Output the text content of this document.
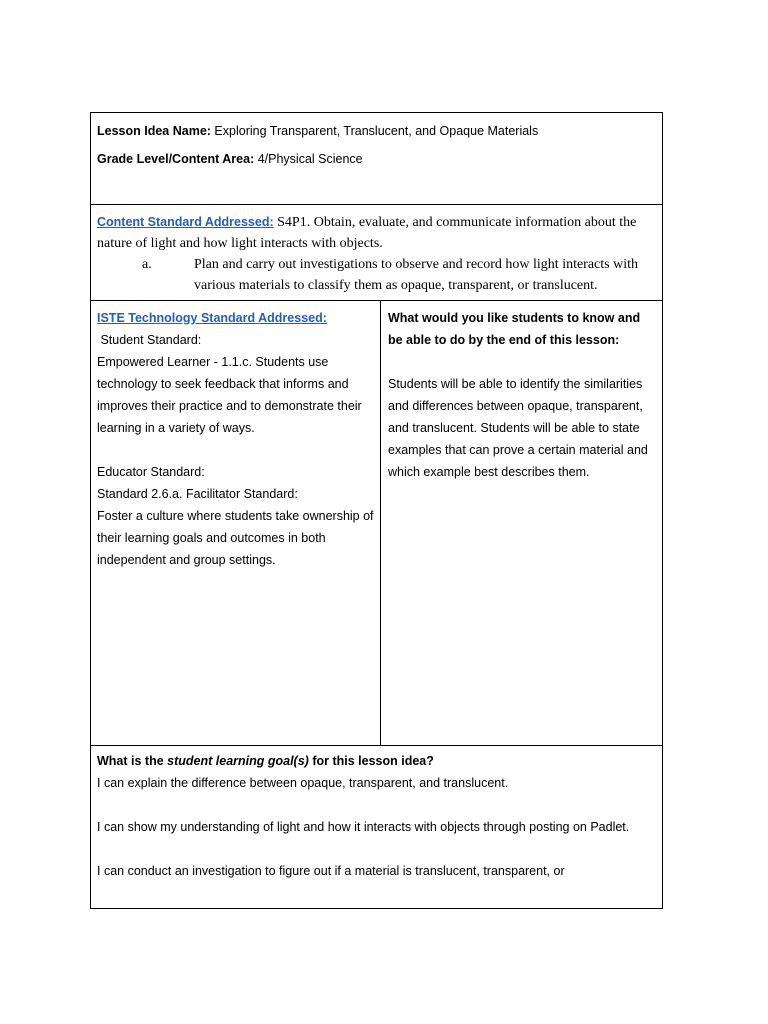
Lesson Idea Name: Exploring Transparent, Translucent, and Opaque Materials

Grade Level/Content Area: 4/Physical Science

Content Standard Addressed: S4P1. Obtain, evaluate, and communicate information about the nature of light and how light interacts with objects.

a.	Plan and carry out investigations to observe and record how light interacts with various materials to classify them as opaque, transparent, or translucent.

ISTE Technology Standard Addressed:

Student Standard:

Empowered Learner - 1.1.c. Students use technology to seek feedback that informs and improves their practice and to demonstrate their learning in a variety of ways.

Educator Standard:

Standard 2.6.a. Facilitator Standard:

Foster a culture where students take ownership of their learning goals and outcomes in both independent and group settings.

What would you like students to know and be able to do by the end of this lesson:

Students will be able to identify the similarities and differences between opaque, transparent, and translucent. Students will be able to state examples that can prove a certain material and which example best describes them.

What is the student learning goal(s) for this lesson idea?

I can explain the difference between opaque, transparent, and translucent.

I can show my understanding of light and how it interacts with objects through posting on Padlet.

I can conduct an investigation to figure out if a material is translucent, transparent, or
